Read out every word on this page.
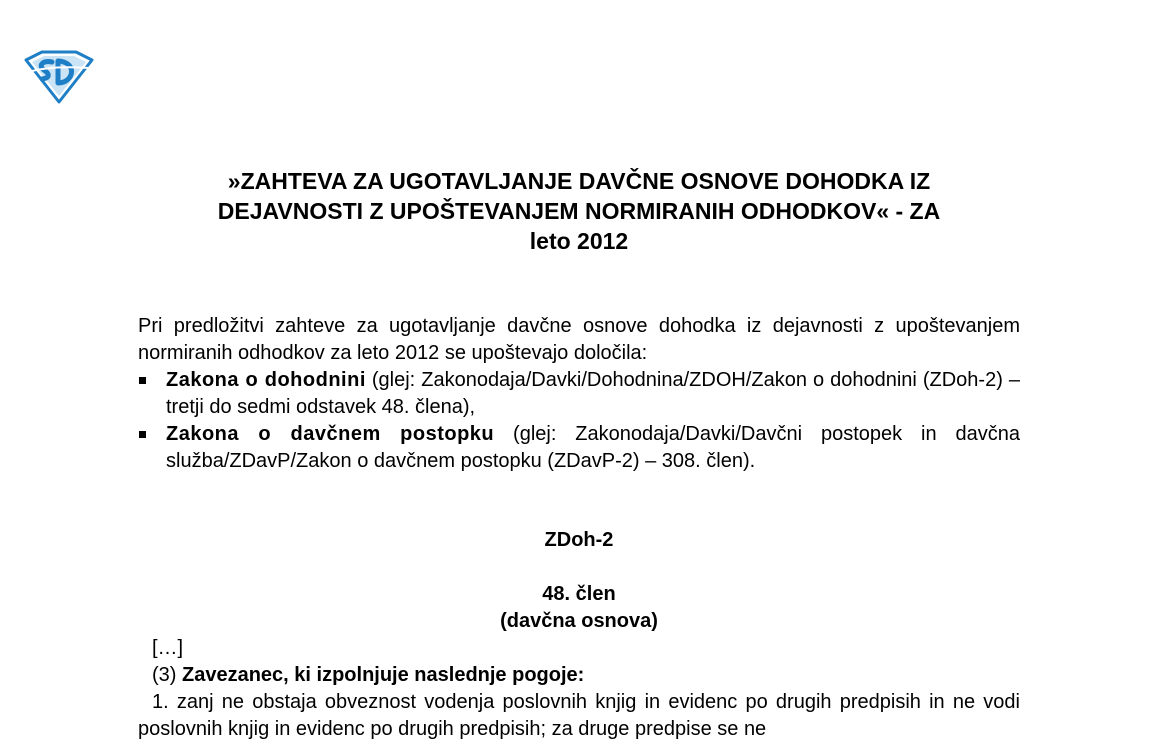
»ZAHTEVA ZA UGOTAVLJANJE DAVČNE OSNOVE DOHODKA IZ
DEJAVNOSTI Z UPOŠTEVANJEM NORMIRANIH ODHODKOV« - ZA
leto 2012

Pri predložitvi zahteve za ugotavljanje davčne osnove dohodka iz dejavnosti z upoštevanjem normiranih odhodkov za leto 2012 se upoštevajo določila:

Zakona o dohodnini (glej: Zakonodaja/Davki/Dohodnina/ZDOH/Zakon o dohodnini (ZDoh-2) – tretji do sedmi odstavek 48. člena),
Zakona o davčnem postopku (glej: Zakonodaja/Davki/Davčni postopek in davčna služba/ZDavP/Zakon o davčnem postopku (ZDavP-2) – 308. člen).
ZDoh-2
48. člen
(davčna osnova)
[…]
(3) Zavezanec, ki izpolnjuje naslednje pogoje:
1. zanj ne obstaja obveznost vodenja poslovnih knjig in evidenc po drugih predpisih in ne vodi poslovnih knjig in evidenc po drugih predpisih; za druge predpise se ne
